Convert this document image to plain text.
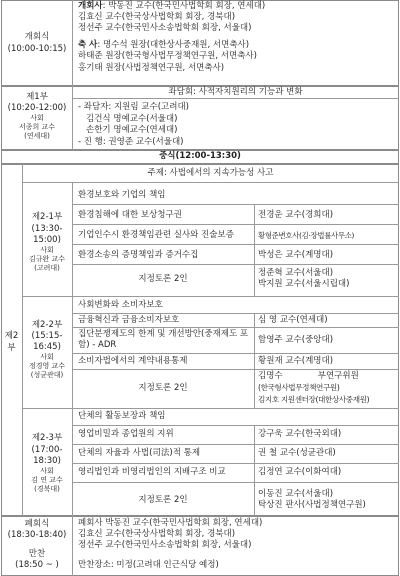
개회식
(10:00-10:15)
개회사: 박동진 교수(한국민사법학회 회장, 연세대)
김효신 교수(한국상사법학회 회장, 경북대)
정선주 교수(한국민사소송법학회 회장, 서울대)
축 사: 명수석 원장(대한상사중재원, 서면축사)
하태준 원장(한국형사법무정책연구원, 서면축사)
홍기태 원장(사법정책연구원, 서면축사)
제1부
(10:20-12:00)
사회
서종희 교수
(연세대)
좌담회: 사적자치원리의 기능과 변화
- 좌담자: 지원림 교수(고려대)
김건식 명예교수(서울대)
손한기 명예교수(연세대)
- 진 행: 권영준 교수(서울대)
중식(12:00-13:30)
제2부
주제: 사법에서의 지속가능성 사고
제2-1부
(13:30-
15:00)
사회
김규완 교수
(고려대)
환경보호와 기업의 책임
환경침해에 대한 보상청구권	전경운 교수(경희대)
기업인수시 환경책임관련 실사와 진술보증	황형준변호사(김·장법률사무소)
환경소송의 증명책임과 증거수집	박성은 교수(계명대)
지정토론 2인
정준혁 교수(서울대)
박지원 교수(서울시립대)
제2-2부
(15:15-
16:45)
사회
정경영 교수
(성균관대)
사회변화와 소비자보호
금융혁신과 금융소비자보호	심 영 교수(연세대)
집단분쟁제도의 한계 및 개선방안(중재제도 포함) - ADR	함영주 교수(중앙대)
소비자법에서의 계약내용통제	황원재 교수(계명대)
지정토론 2인
김명수             부연구위원
(한국형사법무정책연구원)
김지호 지원센터장(대한상사중재원)
제2-3부
(17:00-
18:30)
사회
김 연 교수
(경북대)
단체의 활동보장과 책임
영업비밀과 종업원의 지위	강구욱 교수(한국외대)
단체의 자율과 사법(司法)적 통제	권 철 교수(성균관대)
영리법인과 비영리법인의 지배구조 비교	김정연 교수(이화여대)
지정토론 2인
이동진 교수(서울대)
탁상진 판사(사법정책연구원)
폐회식
(18:30-18:40)
만찬
(18:50 ~ )
폐회사 박동진 교수(한국민사법학회 회장, 연세대)
김효신 교수(한국상사법학회 회장, 경북대)
정선주 교수(한국민사소송법학회 회장, 서울대)
만찬장소: 미정(고려대 인근식당 예정)
